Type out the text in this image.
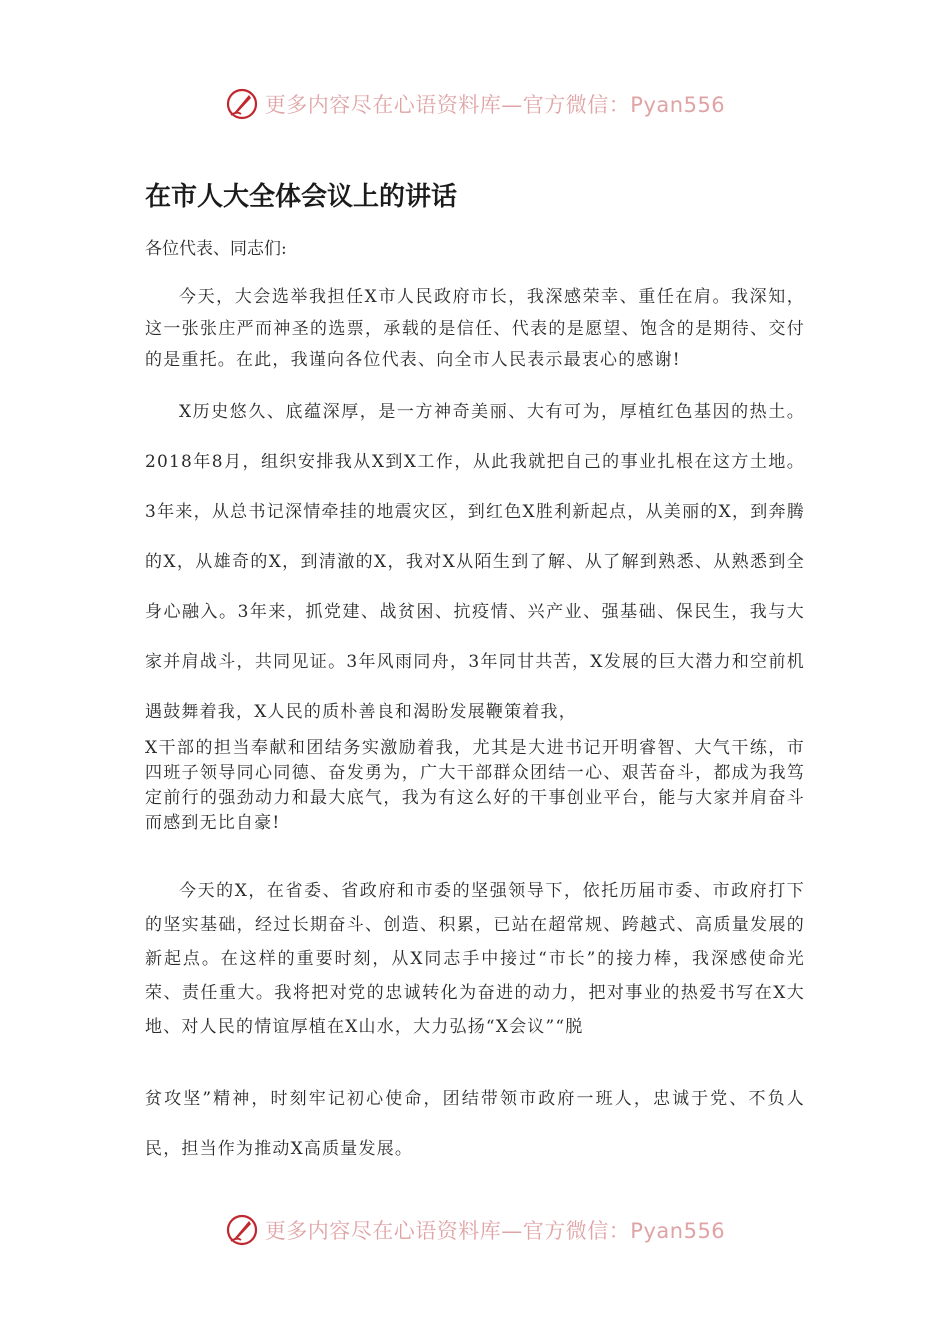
更多内容尽在心语资料库—官方微信：Pyan556
在市人大全体会议上的讲话
各位代表、同志们:

今天，大会选举我担任X市人民政府市长，我深感荣幸、重任在肩。我深知，这一张张庄严而神圣的选票，承载的是信任、代表的是愿望、饱含的是期待、交付的是重托。在此，我谨向各位代表、向全市人民表示最衷心的感谢!

X历史悠久、底蕴深厚，是一方神奇美丽、大有可为，厚植红色基因的热土。2018年8月，组织安排我从X到X工作，从此我就把自己的事业扎根在这方土地。3年来，从总书记深情牵挂的地震灾区，到红色X胜利新起点，从美丽的X，到奔腾的X，从雄奇的X，到清澈的X，我对X从陌生到了解、从了解到熟悉、从熟悉到全身心融入。3年来，抓党建、战贫困、抗疫情、兴产业、强基础、保民生，我与大家并肩战斗，共同见证。3年风雨同舟，3年同甘共苦，X发展的巨大潜力和空前机遇鼓舞着我，X人民的质朴善良和渴盼发展鞭策着我，

X干部的担当奉献和团结务实激励着我，尤其是大进书记开明睿智、大气干练，市四班子领导同心同德、奋发勇为，广大干部群众团结一心、艰苦奋斗，都成为我笃定前行的强劲动力和最大底气，我为有这么好的干事创业平台，能与大家并肩奋斗而感到无比自豪!

今天的X，在省委、省政府和市委的坚强领导下，依托历届市委、市政府打下的坚实基础，经过长期奋斗、创造、积累，已站在超常规、跨越式、高质量发展的新起点。在这样的重要时刻，从X同志手中接过“市长”的接力棒，我深感使命光荣、责任重大。我将把对党的忠诚转化为奋进的动力，把对事业的热爱书写在X大地、对人民的情谊厚植在X山水，大力弘扬“X会议”“脱

贫攻坚”精神，时刻牢记初心使命，团结带领市政府一班人，忠诚于党、不负人民，担当作为推动X高质量发展。

更多内容尽在心语资料库—官方微信：Pyan556
